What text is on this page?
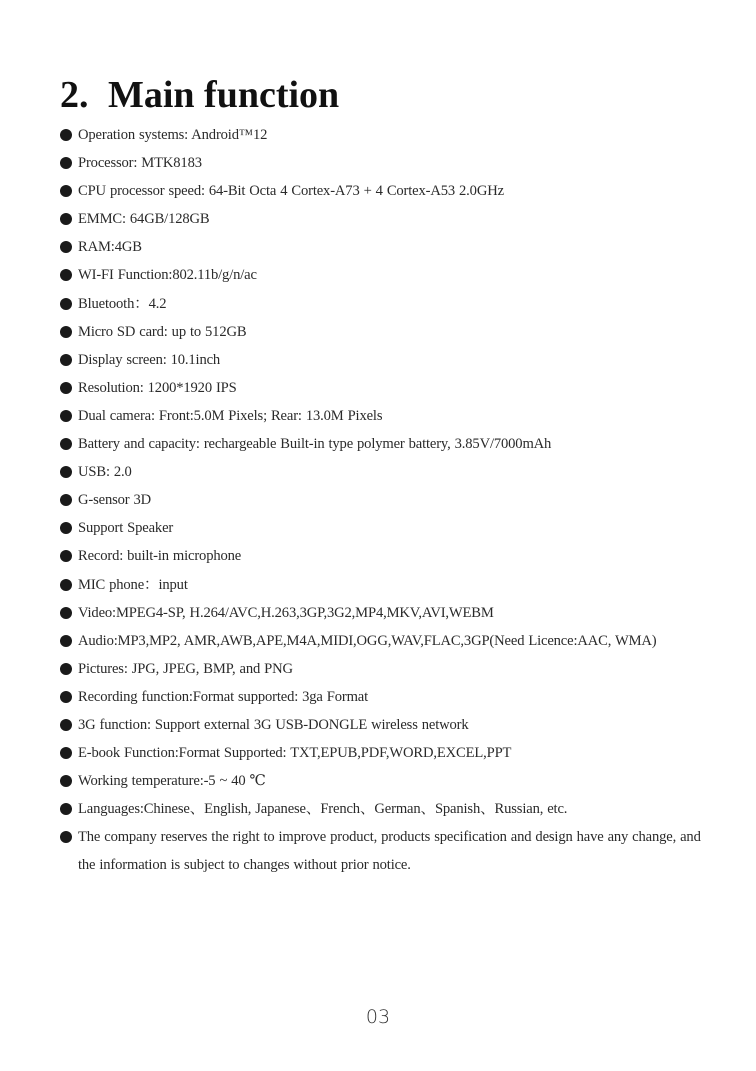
2. Main function
Operation systems: Android™12
Processor: MTK8183
CPU processor speed: 64-Bit Octa 4 Cortex-A73 + 4 Cortex-A53 2.0GHz
EMMC: 64GB/128GB
RAM:4GB
WI-FI Function:802.11b/g/n/ac
Bluetooth：4.2
Micro SD card: up to 512GB
Display screen: 10.1inch
Resolution: 1200*1920 IPS
Dual camera: Front:5.0M Pixels; Rear: 13.0M Pixels
Battery and capacity: rechargeable Built-in type polymer battery, 3.85V/7000mAh
USB: 2.0
G-sensor 3D
Support Speaker
Record: built-in microphone
MIC phone：input
Video:MPEG4-SP, H.264/AVC,H.263,3GP,3G2,MP4,MKV,AVI,WEBM
Audio:MP3,MP2, AMR,AWB,APE,M4A,MIDI,OGG,WAV,FLAC,3GP(Need Licence:AAC, WMA)
Pictures: JPG, JPEG, BMP, and PNG
Recording function:Format supported: 3ga Format
3G function: Support external 3G USB-DONGLE wireless network
E-book Function:Format Supported: TXT,EPUB,PDF,WORD,EXCEL,PPT
Working temperature:-5 ~ 40 ℃
Languages:Chinese、English, Japanese、French、German、Spanish、Russian, etc.
The company reserves the right to improve product, products specification and design have any change, and the information is subject to changes without prior notice.
03
